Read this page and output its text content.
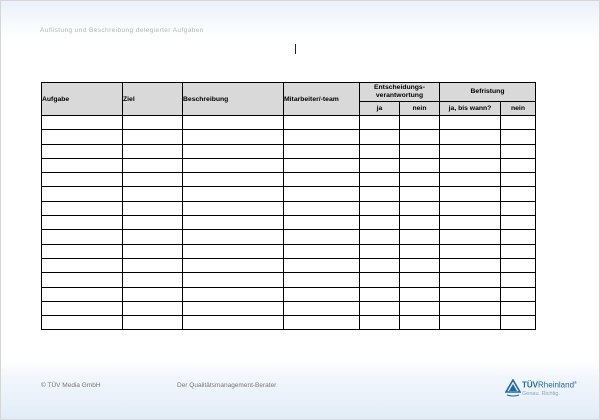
Auflistung und Beschreibung delegierter Aufgaben
Aufgabe	Ziel	Beschreibung	Mitarbeiter/-team	Entscheidungs-verantwortung		Befristung	
				ja	nein	ja, bis wann?	nein

© TÜV Media GmbH	Der Qualitätsmanagement-Berater	TÜVRheinland®
Genau. Richtig.
